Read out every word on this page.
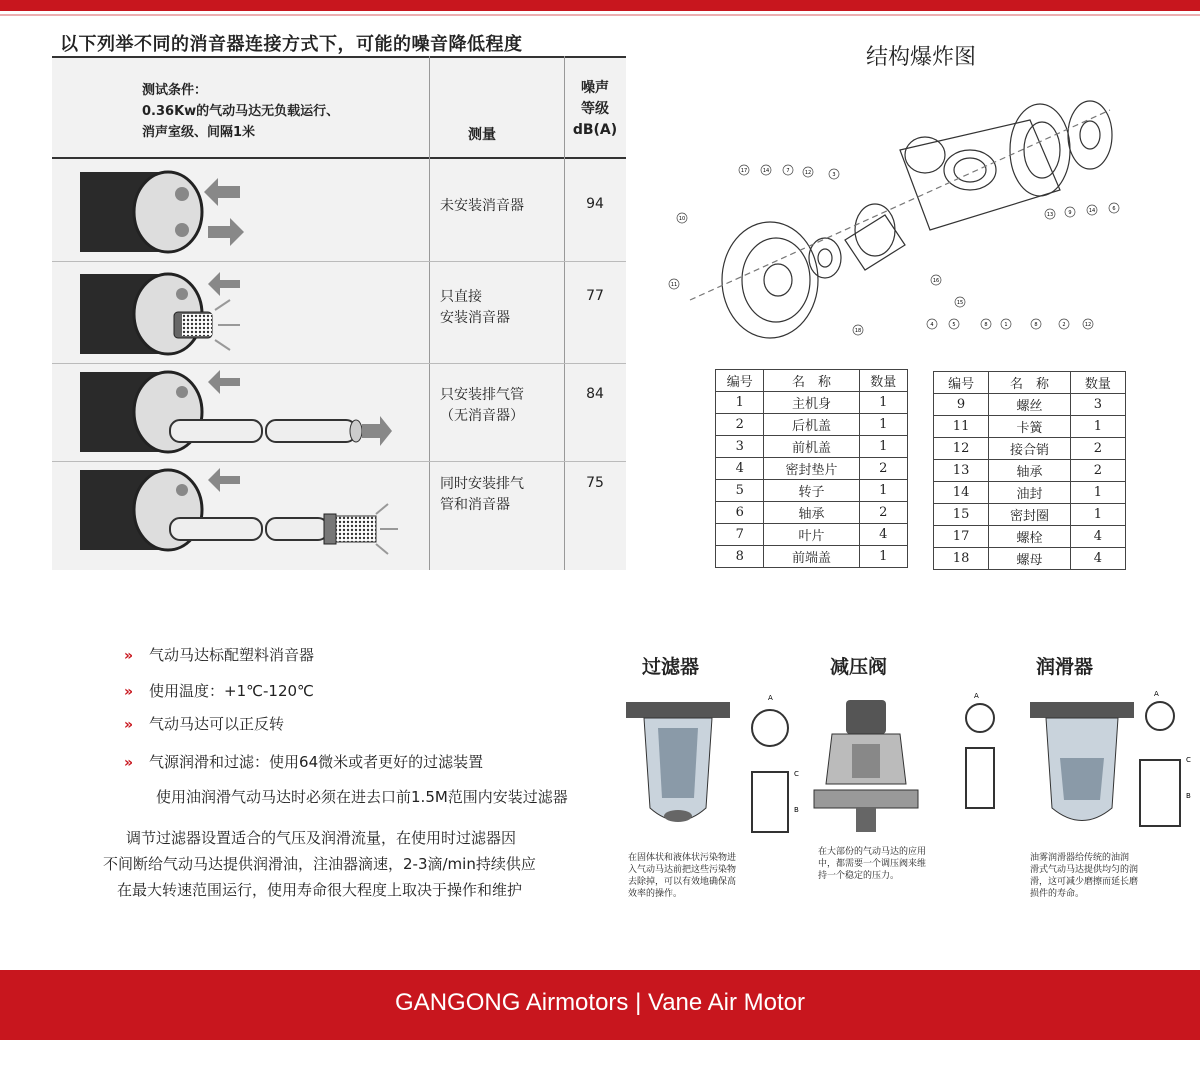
以下列举不同的消音器连接方式下，可能的噪音降低程度
测试条件：
0.36Kw的气动马达无负载运行、
消声室级、间隔1米	测量
噪声
等级
dB(A)
未安装消音器	94
只直接
安装消音器
77
只安装排气管
（无消音器）
84
同时安装排气
管和消音器
75
结构爆炸图
17	14	7	12	3
10
11
6
14
9
13
4	5	8	1	8	2	12
15
16
18
编号	名　称	数量
1	主机身	1
2	后机盖	1
3	前机盖	1
4	密封垫片	2
5	转子	1
6	轴承	2
7	叶片	4
8	前端盖	1
编号	名　称	数量
9	螺丝	3
11	卡簧	1
12	接合销	2
13	轴承	2
14	油封	1
15	密封圈	1
17	螺栓	4
18	螺母	4
» 气动马达标配塑料消音器
» 使用温度：+1℃-120℃
» 气动马达可以正反转
» 气源润滑和过滤：使用64微米或者更好的过滤装置
使用油润滑气动马达时必须在进去口前1.5M范围内安装过滤器
调节过滤器设置适合的气压及润滑流量，在使用时过滤器因
不间断给气动马达提供润滑油，注油器滴速，2-3滴/min持续供应
在最大转速范围运行，使用寿命很大程度上取决于操作和维护
过滤器	减压阀	润滑器
A
C
B
在固体状和液体状污染物进
入气动马达前把这些污染物
去除掉，可以有效地确保高
效率的操作。
在大部份的气动马达的应用
中，都需要一个调压阀来维
持一个稳定的压力。
A	A
C
B
油雾润滑器给传统的油润
滑式气动马达提供均匀的润
滑，这可减少磨擦而延长磨
损件的寿命。
GANGONG Airmotors | Vane Air Motor
